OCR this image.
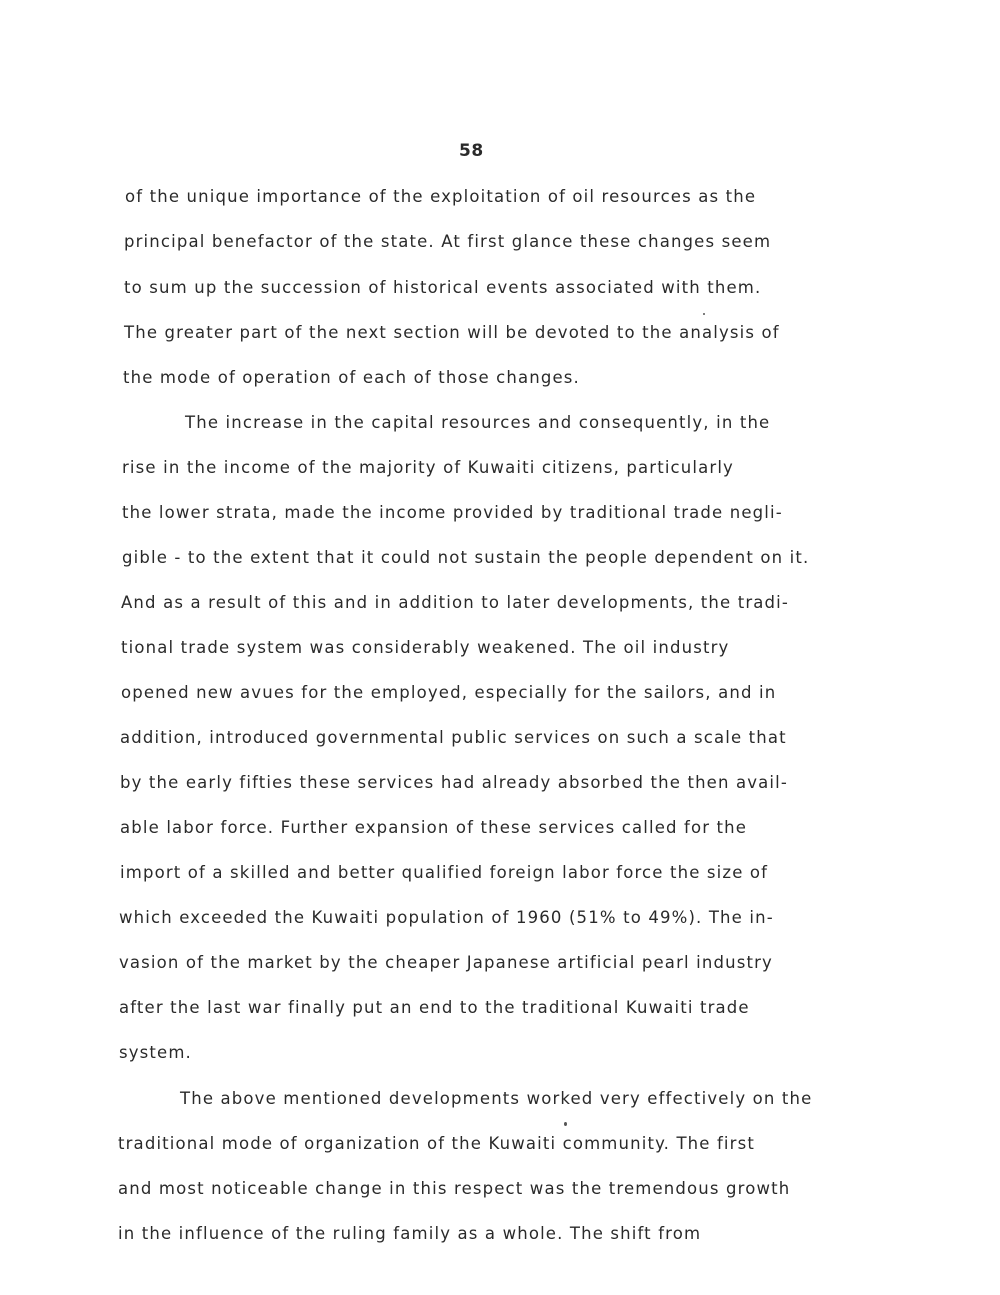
58
of the unique importance of the exploitation of oil resources as the
principal benefactor of the state. At first glance these changes seem
to sum up the succession of historical events associated with them.
The greater part of the next section will be devoted to the analysis of
the mode of operation of each of those changes.
The increase in the capital resources and consequently, in the
rise in the income of the majority of Kuwaiti citizens, particularly
the lower strata, made the income provided by traditional trade negli-
gible - to the extent that it could not sustain the people dependent on it.
And as a result of this and in addition to later developments, the tradi-
tional trade system was considerably weakened. The oil industry
opened new avues for the employed, especially for the sailors, and in
addition, introduced governmental public services on such a scale that
by the early fifties these services had already absorbed the then avail-
able labor force. Further expansion of these services called for the
import of a skilled and better qualified foreign labor force the size of
which exceeded the Kuwaiti population of 1960 (51% to 49%). The in-
vasion of the market by the cheaper Japanese artificial pearl industry
after the last war finally put an end to the traditional Kuwaiti trade
system.
The above mentioned developments worked very effectively on the
traditional mode of organization of the Kuwaiti community. The first
and most noticeable change in this respect was the tremendous growth
in the influence of the ruling family as a whole. The shift from
